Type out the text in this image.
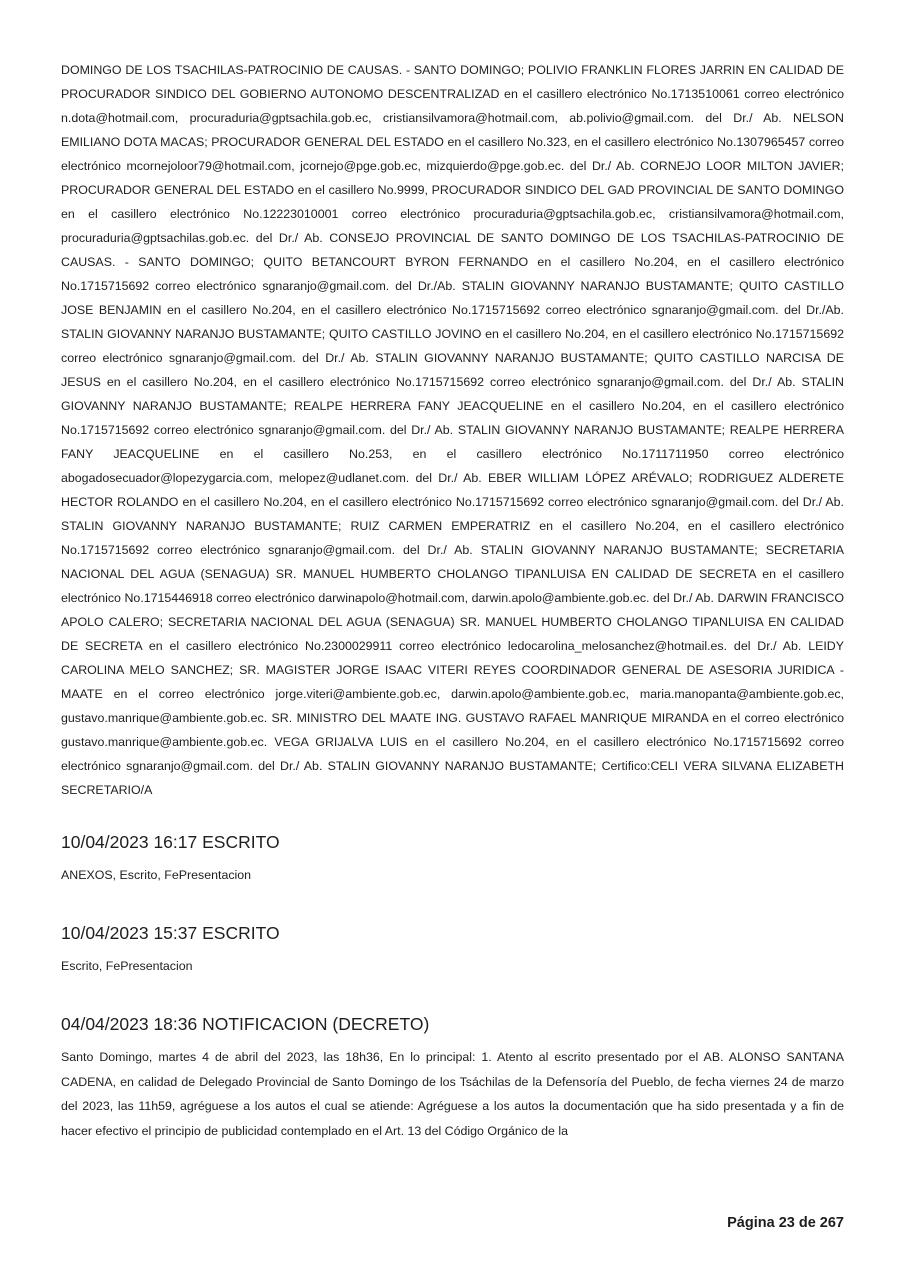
DOMINGO DE LOS TSACHILAS-PATROCINIO DE CAUSAS. - SANTO DOMINGO; POLIVIO FRANKLIN FLORES JARRIN EN CALIDAD DE PROCURADOR SINDICO DEL GOBIERNO AUTONOMO DESCENTRALIZAD en el casillero electrónico No.1713510061 correo electrónico n.dota@hotmail.com, procuraduria@gptsachila.gob.ec, cristiansilvamora@hotmail.com, ab.polivio@gmail.com. del Dr./ Ab. NELSON EMILIANO DOTA MACAS; PROCURADOR GENERAL DEL ESTADO en el casillero No.323, en el casillero electrónico No.1307965457 correo electrónico mcornejoloor79@hotmail.com, jcornejo@pge.gob.ec, mizquierdo@pge.gob.ec. del Dr./ Ab. CORNEJO LOOR MILTON JAVIER; PROCURADOR GENERAL DEL ESTADO en el casillero No.9999, PROCURADOR SINDICO DEL GAD PROVINCIAL DE SANTO DOMINGO en el casillero electrónico No.12223010001 correo electrónico procuraduria@gptsachila.gob.ec, cristiansilvamora@hotmail.com, procuraduria@gptsachilas.gob.ec. del Dr./ Ab. CONSEJO PROVINCIAL DE SANTO DOMINGO DE LOS TSACHILAS-PATROCINIO DE CAUSAS. - SANTO DOMINGO; QUITO BETANCOURT BYRON FERNANDO en el casillero No.204, en el casillero electrónico No.1715715692 correo electrónico sgnaranjo@gmail.com. del Dr./Ab. STALIN GIOVANNY NARANJO BUSTAMANTE; QUITO CASTILLO JOSE BENJAMIN en el casillero No.204, en el casillero electrónico No.1715715692 correo electrónico sgnaranjo@gmail.com. del Dr./Ab. STALIN GIOVANNY NARANJO BUSTAMANTE; QUITO CASTILLO JOVINO en el casillero No.204, en el casillero electrónico No.1715715692 correo electrónico sgnaranjo@gmail.com. del Dr./ Ab. STALIN GIOVANNY NARANJO BUSTAMANTE; QUITO CASTILLO NARCISA DE JESUS en el casillero No.204, en el casillero electrónico No.1715715692 correo electrónico sgnaranjo@gmail.com. del Dr./ Ab. STALIN GIOVANNY NARANJO BUSTAMANTE; REALPE HERRERA FANY JEACQUELINE en el casillero No.204, en el casillero electrónico No.1715715692 correo electrónico sgnaranjo@gmail.com. del Dr./ Ab. STALIN GIOVANNY NARANJO BUSTAMANTE; REALPE HERRERA FANY JEACQUELINE en el casillero No.253, en el casillero electrónico No.1711711950 correo electrónico abogadosecuador@lopezygarcia.com, melopez@udlanet.com. del Dr./ Ab. EBER WILLIAM LÓPEZ ARÉVALO; RODRIGUEZ ALDERETE HECTOR ROLANDO en el casillero No.204, en el casillero electrónico No.1715715692 correo electrónico sgnaranjo@gmail.com. del Dr./ Ab. STALIN GIOVANNY NARANJO BUSTAMANTE; RUIZ CARMEN EMPERATRIZ en el casillero No.204, en el casillero electrónico No.1715715692 correo electrónico sgnaranjo@gmail.com. del Dr./ Ab. STALIN GIOVANNY NARANJO BUSTAMANTE; SECRETARIA NACIONAL DEL AGUA (SENAGUA) SR. MANUEL HUMBERTO CHOLANGO TIPANLUISA EN CALIDAD DE SECRETA en el casillero electrónico No.1715446918 correo electrónico darwinapolo@hotmail.com, darwin.apolo@ambiente.gob.ec. del Dr./ Ab. DARWIN FRANCISCO APOLO CALERO; SECRETARIA NACIONAL DEL AGUA (SENAGUA) SR. MANUEL HUMBERTO CHOLANGO TIPANLUISA EN CALIDAD DE SECRETA en el casillero electrónico No.2300029911 correo electrónico ledocarolina_melosanchez@hotmail.es. del Dr./ Ab. LEIDY CAROLINA MELO SANCHEZ; SR. MAGISTER JORGE ISAAC VITERI REYES COORDINADOR GENERAL DE ASESORIA JURIDICA - MAATE en el correo electrónico jorge.viteri@ambiente.gob.ec, darwin.apolo@ambiente.gob.ec, maria.manopanta@ambiente.gob.ec, gustavo.manrique@ambiente.gob.ec. SR. MINISTRO DEL MAATE ING. GUSTAVO RAFAEL MANRIQUE MIRANDA en el correo electrónico gustavo.manrique@ambiente.gob.ec. VEGA GRIJALVA LUIS en el casillero No.204, en el casillero electrónico No.1715715692 correo electrónico sgnaranjo@gmail.com. del Dr./ Ab. STALIN GIOVANNY NARANJO BUSTAMANTE; Certifico:CELI VERA SILVANA ELIZABETH SECRETARIO/A

10/04/2023 16:17 ESCRITO

ANEXOS, Escrito, FePresentacion

10/04/2023 15:37 ESCRITO

Escrito, FePresentacion

04/04/2023 18:36 NOTIFICACION (DECRETO)

Santo Domingo, martes 4 de abril del 2023, las 18h36, En lo principal: 1. Atento al escrito presentado por el AB. ALONSO SANTANA CADENA, en calidad de Delegado Provincial de Santo Domingo de los Tsáchilas de la Defensoría del Pueblo, de fecha viernes 24 de marzo del 2023, las 11h59, agréguese a los autos el cual se atiende: Agréguese a los autos la documentación que ha sido presentada y a fin de hacer efectivo el principio de publicidad contemplado en el Art. 13 del Código Orgánico de la

Página 23 de 267
